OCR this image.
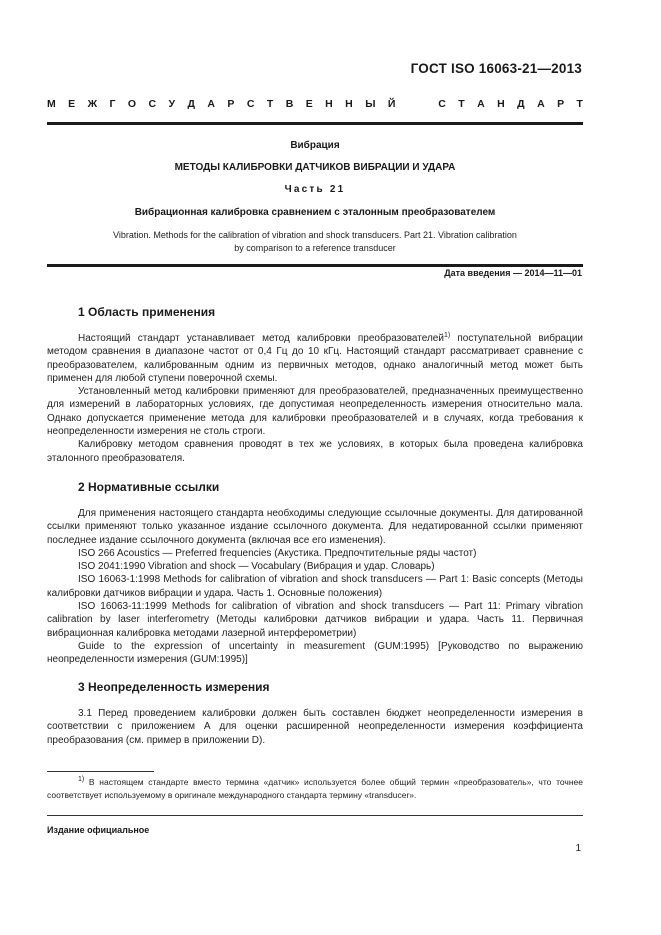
ГОСТ ISO 16063-21—2013
М Е Ж Г О С У Д А Р С Т В Е Н Н Ы Й	С Т А Н Д А Р Т
Вибрация
МЕТОДЫ КАЛИБРОВКИ ДАТЧИКОВ ВИБРАЦИИ И УДАРА
Часть 21
Вибрационная калибровка сравнением с эталонным преобразователем
Vibration. Methods for the calibration of vibration and shock transducers. Part 21. Vibration calibration
by comparison to a reference transducer
Дата введения — 2014—11—01
1 Область применения

Настоящий стандарт устанавливает метод калибровки преобразователей$^{1)}$ поступательной вибрации методом сравнения в диапазоне частот от 0,4 Гц до 10 кГц. Настоящий стандарт рассматривает сравнение с преобразователем, калиброванным одним из первичных методов, однако аналогичный метод может быть применен для любой ступени поверочной схемы.

Установленный метод калибровки применяют для преобразователей, предназначенных преимущественно для измерений в лабораторных условиях, где допустимая неопределенность измерения относительно мала. Однако допускается применение метода для калибровки преобразователей и в случаях, когда требования к неопределенности измерения не столь строги.

Калибровку методом сравнения проводят в тех же условиях, в которых была проведена калибровка эталонного преобразователя.

2 Нормативные ссылки

Для применения настоящего стандарта необходимы следующие ссылочные документы. Для датированной ссылки применяют только указанное издание ссылочного документа. Для недатированной ссылки применяют последнее издание ссылочного документа (включая все его изменения).

ISO 266 Acoustics — Preferred frequencies (Акустика. Предпочтительные ряды частот)

ISO 2041:1990 Vibration and shock — Vocabulary (Вибрация и удар. Словарь)

ISO 16063-1:1998 Methods for calibration of vibration and shock transducers — Part 1: Basic concepts (Методы калибровки датчиков вибрации и удара. Часть 1. Основные положения)

ISO 16063-11:1999 Methods for calibration of vibration and shock transducers — Part 11: Primary vibration calibration by laser interferometry (Методы калибровки датчиков вибрации и удара. Часть 11. Первичная вибрационная калибровка методами лазерной интерферометрии)

Guide to the expression of uncertainty in measurement (GUM:1995) [Руководство по выражению неопределенности измерения (GUM:1995)]

3 Неопределенность измерения

3.1 Перед проведением калибровки должен быть составлен бюджет неопределенности измерения в соответствии с приложением А для оценки расширенной неопределенности измерения коэффициента преобразования (см. пример в приложении D).

$^{1)}$ В настоящем стандарте вместо термина «датчик» используется более общий термин «преобразователь», что точнее соответствует используемому в оригинале международного стандарта термину «transducer».

Издание официальное
1
